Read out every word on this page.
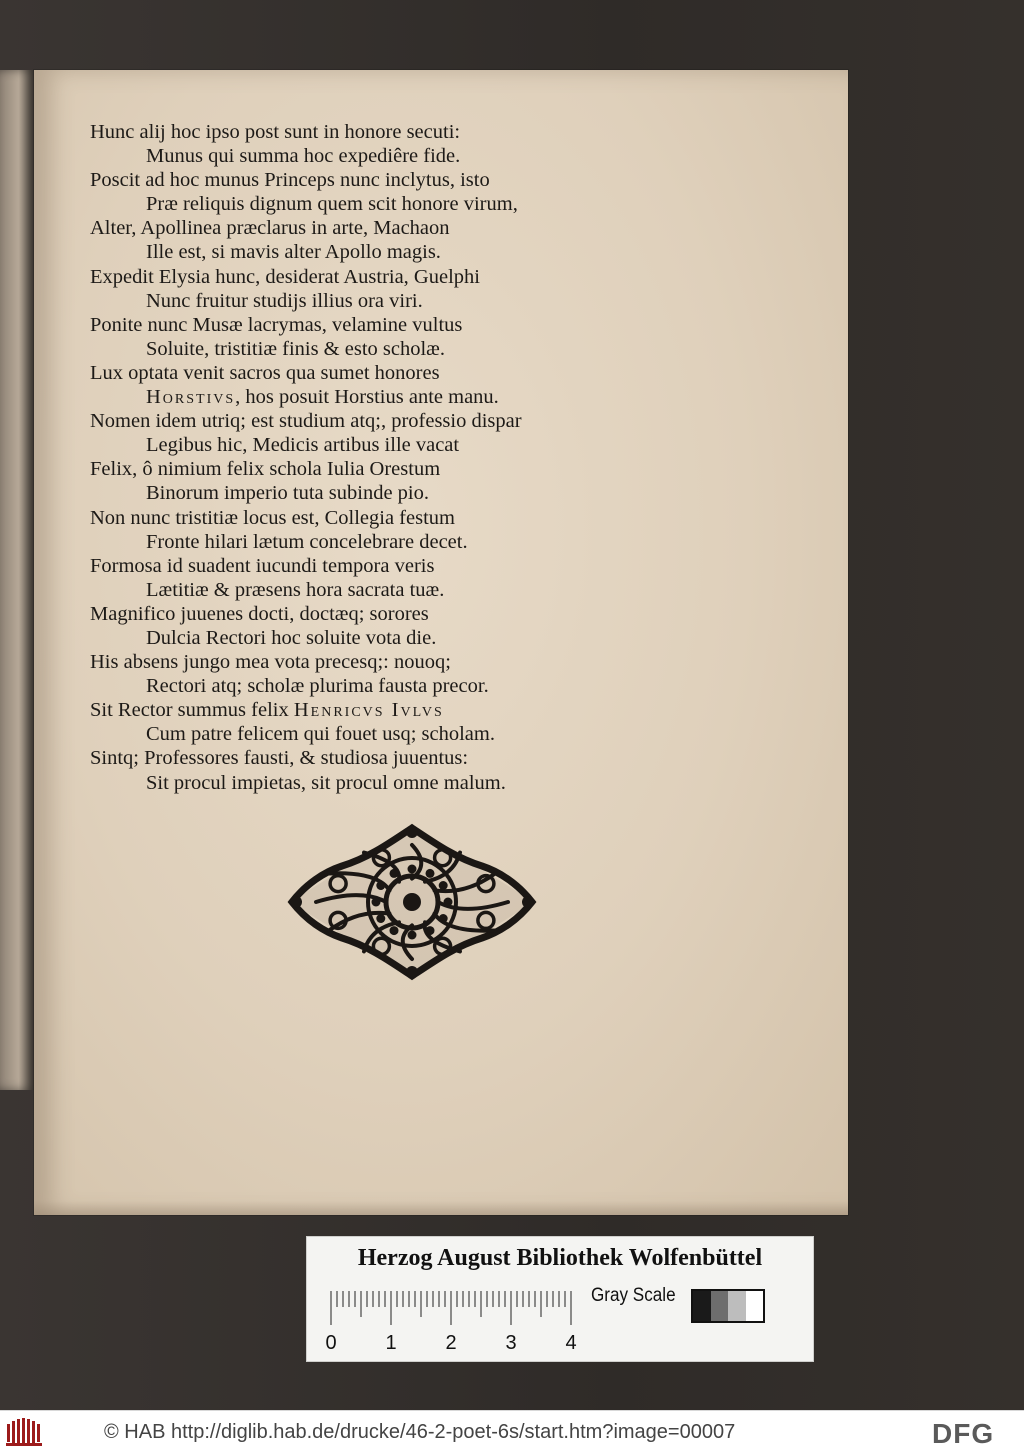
Hunc alij hoc ipso post sunt in honore secuti:
Munus qui summa hoc expediêre fide.
Poscit ad hoc munus Princeps nunc inclytus, isto
Præ reliquis dignum quem scit honore virum,
Alter, Apollinea præclarus in arte, Machaon
Ille est, si mavis alter Apollo magis.
Expedit Elysia hunc, desiderat Austria, Guelphi
Nunc fruitur studijs illius ora viri.
Ponite nunc Musæ lacrymas, velamine vultus
Soluite, tristitiæ finis & esto scholæ.
Lux optata venit sacros qua sumet honores
Horstivs, hos posuit Horstius ante manu.
Nomen idem utriq; est studium atq;, professio dispar
Legibus hic, Medicis artibus ille vacat
Felix, ô nimium felix schola Iulia Orestum
Binorum imperio tuta subinde pio.
Non nunc tristitiæ locus est, Collegia festum
Fronte hilari lætum concelebrare decet.
Formosa id suadent iucundi tempora veris
Lætitiæ & præsens hora sacrata tuæ.
Magnifico juuenes docti, doctæq; sorores
Dulcia Rectori hoc soluite vota die.
His absens jungo mea vota precesq;: nouoq;
Rectori atq; scholæ plurima fausta precor.
Sit Rector summus felix Henricvs Ivlvs
Cum patre felicem qui fouet usq; scholam.
Sintq; Professores fausti, & studiosa juuentus:
Sit procul impietas, sit procul omne malum.
Herzog August Bibliothek Wolfenbüttel
0 1 2 3 4
Gray Scale
© HAB http://diglib.hab.de/drucke/46-2-poet-6s/start.htm?image=00007	DFG
